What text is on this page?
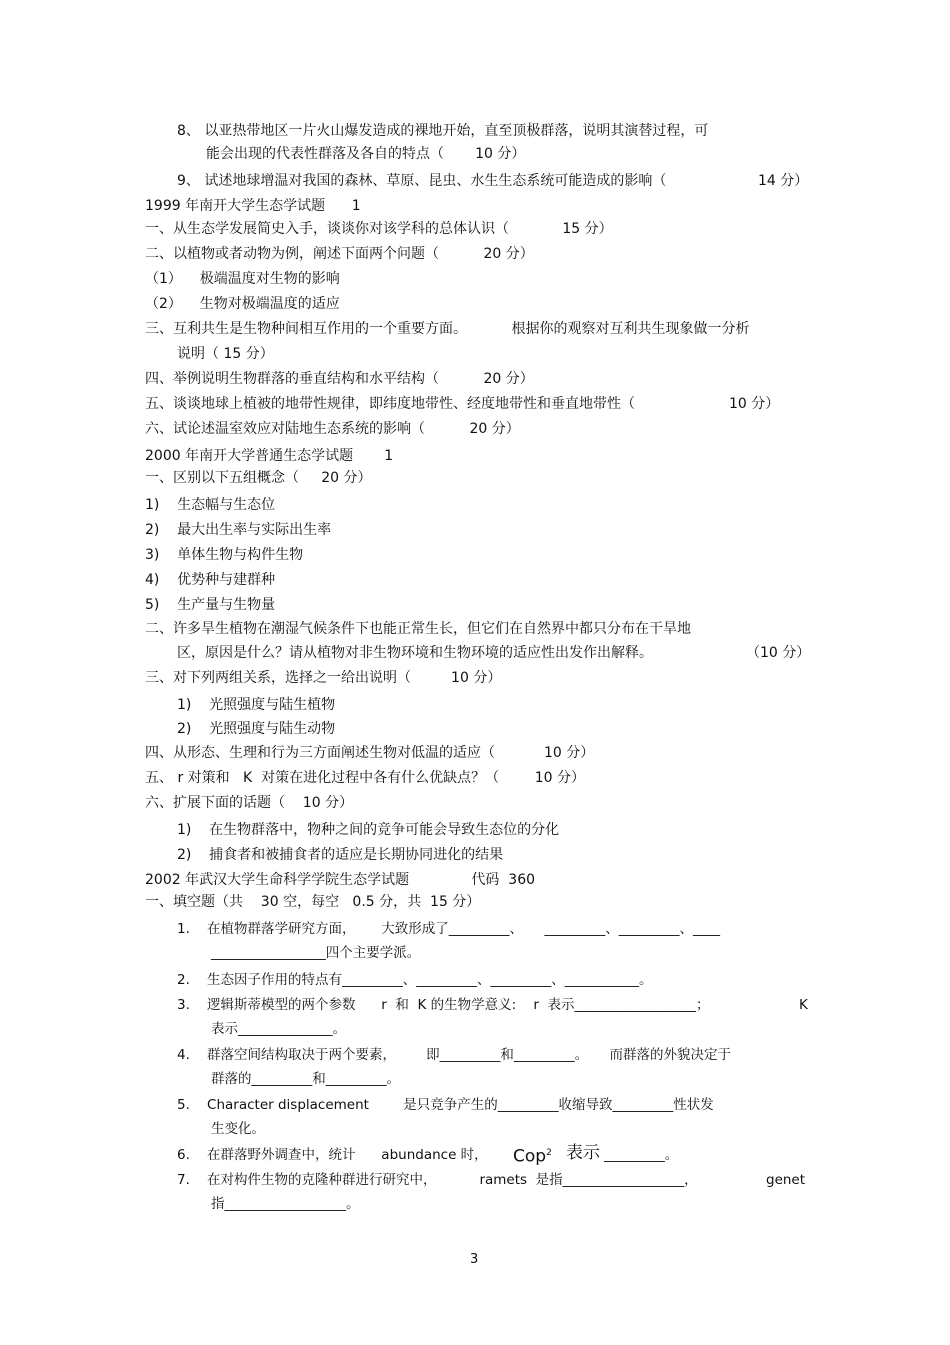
8、 以亚热带地区一片火山爆发造成的裸地开始，直至顶极群落，说明其演替过程，可
能会出现的代表性群落及各自的特点（       10 分）
9、 试述地球增温对我国的森林、草原、昆虫、水生生态系统可能造成的影响（	14 分）
1999 年南开大学生态学试题      1
一、从生态学发展简史入手，谈谈你对该学科的总体认识（            15 分）
二、以植物或者动物为例，阐述下面两个问题（          20 分）
（1）    极端温度对生物的影响
（2）    生物对极端温度的适应
三、互利共生是生物种间相互作用的一个重要方面。          根据你的观察对互利共生现象做一分析
说明（ 15 分）
四、举例说明生物群落的垂直结构和水平结构（          20 分）
五、谈谈地球上植被的地带性规律，即纬度地带性、经度地带性和垂直地带性（	10 分）
六、试论述温室效应对陆地生态系统的影响（          20 分）
2000 年南开大学普通生态学试题       1
一、区别以下五组概念（     20 分）
1)    生态幅与生态位
2)    最大出生率与实际出生率
3)    单体生物与构件生物
4)    优势种与建群种
5)    生产量与生物量
二、许多旱生植物在潮湿气候条件下也能正常生长，但它们在自然界中都只分布在干旱地
区，原因是什么？请从植物对非生物环境和生物环境的适应性出发作出解释。	（10 分）
三、对下列两组关系，选择之一给出说明（         10 分）
1)    光照强度与陆生植物
2)    光照强度与陆生动物
四、从形态、生理和行为三方面阐述生物对低温的适应（           10 分）
五、 r 对策和   K  对策在进化过程中各有什么优缺点？（        10 分）
六、扩展下面的话题（    10 分）
1)    在生物群落中，物种之间的竞争可能会导致生态位的分化
2)    捕食者和被捕食者的适应是长期协同进化的结果
2002 年武汉大学生命科学学院生态学试题              代码  360
一、填空题（共    30 空，每空   0.5 分，共  15 分）
1.    在植物群落学研究方面，      大致形成了_________、     _________、_________、____
_________________四个主要学派。
2.    生态因子作用的特点有_________、_________、_________、___________。
3.    逻辑斯蒂模型的两个参数      r  和  K 的生物学意义:    r  表示__________________；	K
表示______________。
4.    群落空间结构取决于两个要素，       即_________和_________。     而群落的外貌决定于
群落的_________和_________。
5.    Character displacement        是只竞争产生的_________收缩导致_________性状发
生变化。
6.    在群落野外调查中，统计      abundance 时， Cop$^2$ 表示 _________。
7.    在对构件生物的克隆种群进行研究中，          ramets  是指__________________，	genet
指__________________。
3
